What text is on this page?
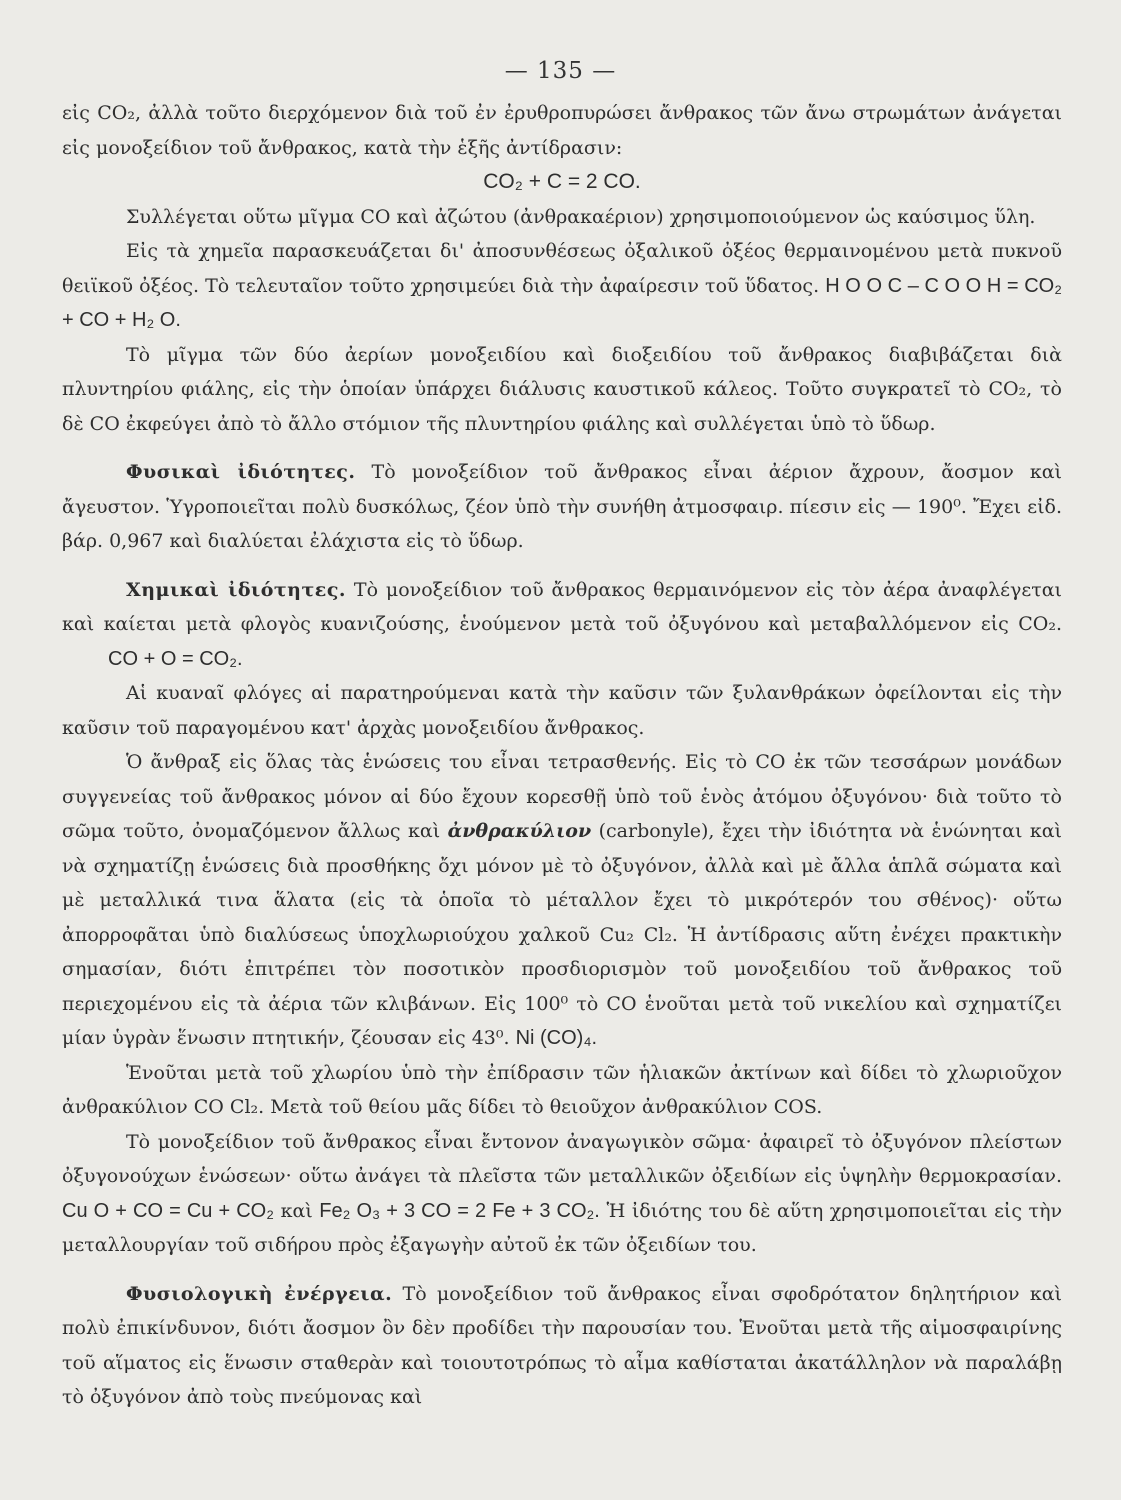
— 135 —

εἰς CO₂, ἀλλὰ τοῦτο διερχόμενον διὰ τοῦ ἐν ἐρυθροπυρώσει ἄνθρακος τῶν ἄνω στρωμάτων ἀνάγεται εἰς μονοξείδιον τοῦ ἄνθρακος, κατὰ τὴν ἑξῆς ἀντίδρασιν:

CO₂ + C = 2 CO.

Συλλέγεται οὕτω μῖγμα CO καὶ ἀζώτου (ἀνθρακαέριον) χρησιμοποιούμενον ὡς καύσιμος ὕλη.

Εἰς τὰ χημεῖα παρασκευάζεται δι' ἀποσυνθέσεως ὀξαλικοῦ ὀξέος θερμαινομένου μετὰ πυκνοῦ θειϊκοῦ ὀξέος. Τὸ τελευταῖον τοῦτο χρησιμεύει διὰ τὴν ἀφαίρεσιν τοῦ ὕδατος. H O O C – C O O H = CO₂ + CO + H₂ O.

Τὸ μῖγμα τῶν δύο ἀερίων μονοξειδίου καὶ διοξειδίου τοῦ ἄνθρακος διαβιβάζεται διὰ πλυντηρίου φιάλης, εἰς τὴν ὁποίαν ὑπάρχει διάλυσις καυστικοῦ κάλεος. Τοῦτο συγκρατεῖ τὸ CO₂, τὸ δὲ CO ἐκφεύγει ἀπὸ τὸ ἄλλο στόμιον τῆς πλυντηρίου φιάλης καὶ συλλέγεται ὑπὸ τὸ ὕδωρ.

Φυσικαὶ ἰδιότητες. Τὸ μονοξείδιον τοῦ ἄνθρακος εἶναι ἀέριον ἄχρουν, ἄοσμον καὶ ἄγευστον. Ὑγροποιεῖται πολὺ δυσκόλως, ζέον ὑπὸ τὴν συνήθη ἀτμοσφαιρ. πίεσιν εἰς — 190⁰. Ἔχει εἰδ. βάρ. 0,967 καὶ διαλύεται ἐλάχιστα εἰς τὸ ὕδωρ.

Χημικαὶ ἰδιότητες. Τὸ μονοξείδιον τοῦ ἄνθρακος θερμαινόμενον εἰς τὸν ἀέρα ἀναφλέγεται καὶ καίεται μετὰ φλογὸς κυανιζούσης, ἑνούμενον μετὰ τοῦ ὀξυγόνου καὶ μεταβαλλόμενον εἰς CO₂.  CO + O = CO₂.

Αἱ κυαναῖ φλόγες αἱ παρατηρούμεναι κατὰ τὴν καῦσιν τῶν ξυλανθράκων ὀφείλονται εἰς τὴν καῦσιν τοῦ παραγομένου κατ' ἀρχὰς μονοξειδίου ἄνθρακος.

Ὁ ἄνθραξ εἰς ὅλας τὰς ἑνώσεις του εἶναι τετρασθενής. Εἰς τὸ CO ἐκ τῶν τεσσάρων μονάδων συγγενείας τοῦ ἄνθρακος μόνον αἱ δύο ἔχουν κορεσθῇ ὑπὸ τοῦ ἑνὸς ἀτόμου ὀξυγόνου· διὰ τοῦτο τὸ σῶμα τοῦτο, ὀνομαζόμενον ἄλλως καὶ ἀνθρακύλιον (carbonyle), ἔχει τὴν ἰδιότητα νὰ ἑνώνηται καὶ νὰ σχηματίζῃ ἑνώσεις διὰ προσθήκης ὄχι μόνον μὲ τὸ ὀξυγόνον, ἀλλὰ καὶ μὲ ἄλλα ἁπλᾶ σώματα καὶ μὲ μεταλλικά τινα ἅλατα (εἰς τὰ ὁποῖα τὸ μέταλλον ἔχει τὸ μικρότερόν του σθένος)· οὕτω ἀπορροφᾶται ὑπὸ διαλύσεως ὑποχλωριούχου χαλκοῦ Cu₂ Cl₂. Ἡ ἀντίδρασις αὕτη ἐνέχει πρακτικὴν σημασίαν, διότι ἐπιτρέπει τὸν ποσοτικὸν προσδιορισμὸν τοῦ μονοξειδίου τοῦ ἄνθρακος τοῦ περιεχομένου εἰς τὰ ἀέρια τῶν κλιβάνων. Εἰς 100⁰ τὸ CO ἑνοῦται μετὰ τοῦ νικελίου καὶ σχηματίζει μίαν ὑγρὰν ἕνωσιν πτητικήν, ζέουσαν εἰς 43⁰. Ni (CO)₄.

Ἑνοῦται μετὰ τοῦ χλωρίου ὑπὸ τὴν ἐπίδρασιν τῶν ἡλιακῶν ἀκτίνων καὶ δίδει τὸ χλωριοῦχον ἀνθρακύλιον CO Cl₂. Μετὰ τοῦ θείου μᾶς δίδει τὸ θειοῦχον ἀνθρακύλιον COS.

Τὸ μονοξείδιον τοῦ ἄνθρακος εἶναι ἔντονον ἀναγωγικὸν σῶμα· ἀφαιρεῖ τὸ ὀξυγόνον πλείστων ὀξυγονούχων ἑνώσεων· οὕτω ἀνάγει τὰ πλεῖστα τῶν μεταλλικῶν ὀξειδίων εἰς ὑψηλὴν θερμοκρασίαν. Cu O + CO = Cu + CO₂ καὶ Fe₂ O₃ + 3 CO = 2 Fe + 3 CO₂. Ἡ ἰδιότης του δὲ αὕτη χρησιμοποιεῖται εἰς τὴν μεταλλουργίαν τοῦ σιδήρου πρὸς ἐξαγωγὴν αὐτοῦ ἐκ τῶν ὀξειδίων του.

Φυσιολογικὴ ἐνέργεια. Τὸ μονοξείδιον τοῦ ἄνθρακος εἶναι σφοδρότατον δηλητήριον καὶ πολὺ ἐπικίνδυνον, διότι ἄοσμον ὂν δὲν προδίδει τὴν παρουσίαν του. Ἑνοῦται μετὰ τῆς αἱμοσφαιρίνης τοῦ αἵματος εἰς ἕνωσιν σταθερὰν καὶ τοιουτοτρόπως τὸ αἷμα καθίσταται ἀκατάλληλον νὰ παραλάβῃ τὸ ὀξυγόνον ἀπὸ τοὺς πνεύμονας καὶ
